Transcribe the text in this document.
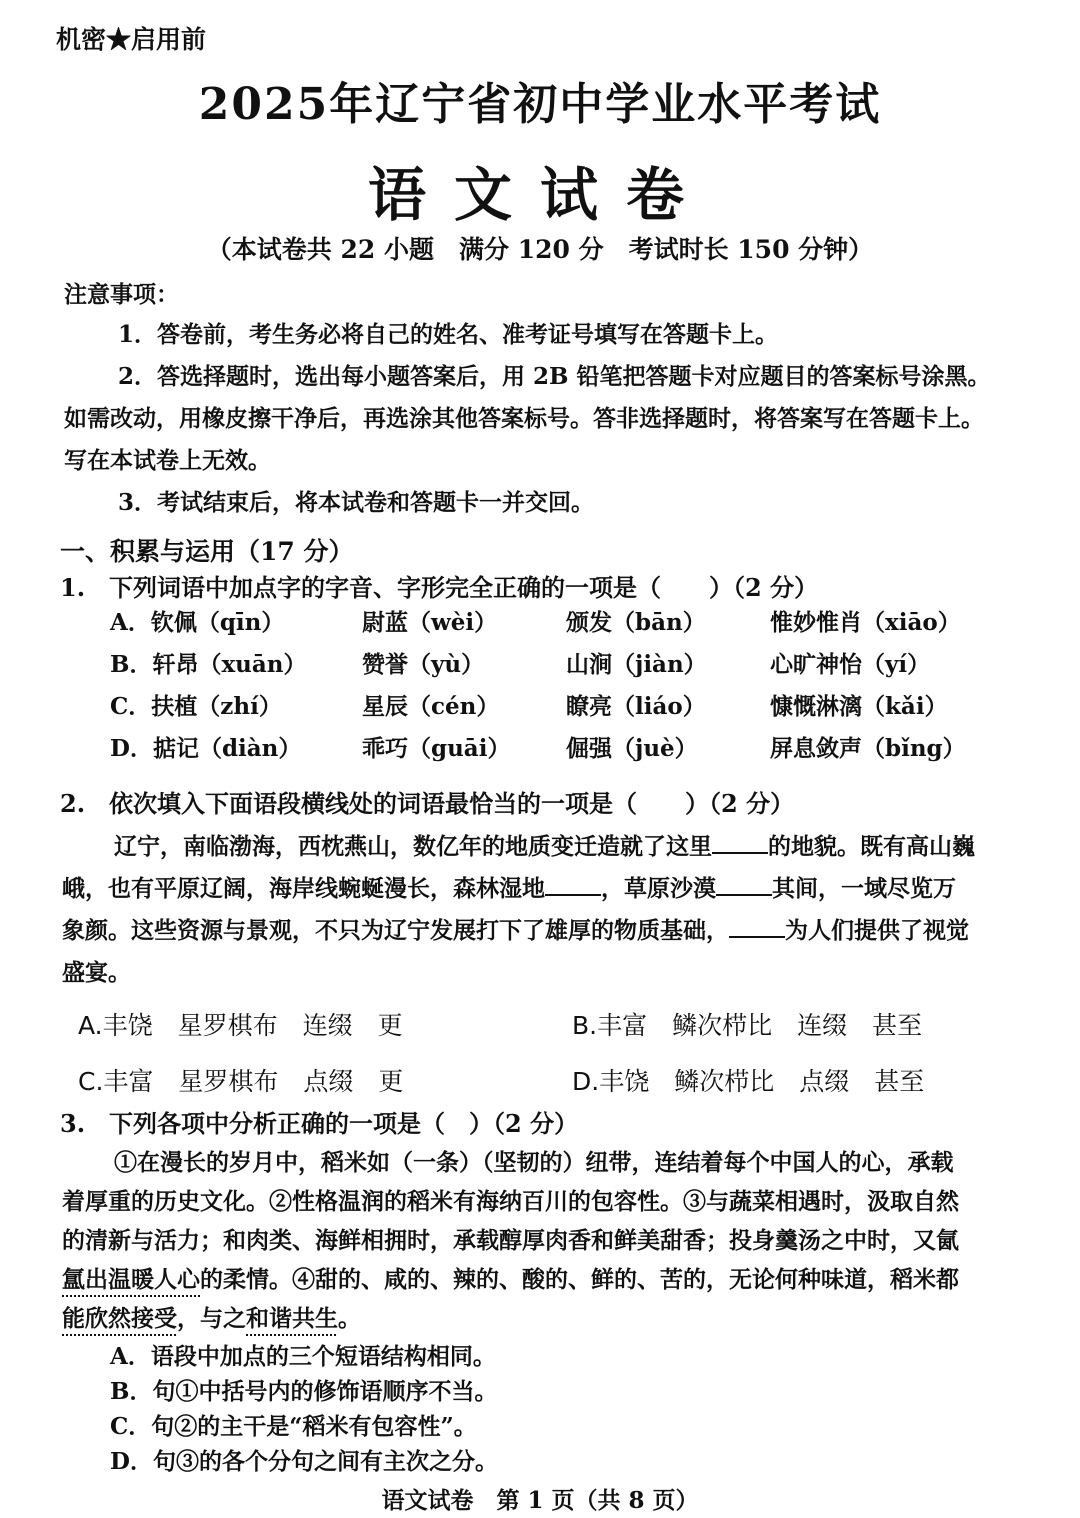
机密★启用前
2025年辽宁省初中学业水平考试
语文试卷
（本试卷共 22 小题　满分 120 分　考试时长 150 分钟）
注意事项：
1．答卷前，考生务必将自己的姓名、准考证号填写在答题卡上。
2．答选择题时，选出每小题答案后，用 2B 铅笔把答题卡对应题目的答案标号涂黑。
如需改动，用橡皮擦干净后，再选涂其他答案标号。答非选择题时，将答案写在答题卡上。
写在本试卷上无效。
3．考试结束后，将本试卷和答题卡一并交回。
一、积累与运用（17 分）
1.　下列词语中加点字的字音、字形完全正确的一项是（　　）（2 分）
A．钦佩（qīn）	尉蓝（wèi）	颁发（bān）	惟妙惟肖（xiāo）
B．轩昂（xuān） 赞誉（yù）	山涧（jiàn）	心旷神怡（yí）
C．扶植（zhí）	星辰（cén）	瞭亮（liáo）	慷慨淋漓（kǎi）
D．掂记（diàn）	乖巧（guāi） 倔强（juè）	屏息敛声（bǐng）
2.　依次填入下面语段横线处的词语最恰当的一项是（　　）（2 分）
辽宁，南临渤海，西枕燕山，数亿年的地质变迁造就了这里 的地貌。既有高山巍
峨，也有平原辽阔，海岸线蜿蜒漫长，森林湿地 ，草原沙漠 其间，一域尽览万
象颜。这些资源与景观，不只为辽宁发展打下了雄厚的物质基础， 为人们提供了视觉
盛宴。
A.丰饶　星罗棋布　连缀　更	B.丰富　鳞次栉比　连缀　甚至
C.丰富　星罗棋布　点缀　更	D.丰饶　鳞次栉比　点缀　甚至
3.　下列各项中分析正确的一项是（　）（2 分）
①在漫长的岁月中，稻米如（一条）（坚韧的）纽带，连结着每个中国人的心，承载
着厚重的历史文化。②性格温润的稻米有海纳百川的包容性。③与蔬菜相遇时，汲取自然
的清新与活力；和肉类、海鲜相拥时，承载醇厚肉香和鲜美甜香；投身羹汤之中时，又氤
氲出温暖人心的柔情。④甜的、咸的、辣的、酸的、鲜的、苦的，无论何种味道，稻米都
能欣然接受，与之和谐共生。
A．语段中加点的三个短语结构相同。
B．句①中括号内的修饰语顺序不当。
C．句②的主干是“稻米有包容性”。
D．句③的各个分句之间有主次之分。
语文试卷　第 1 页（共 8 页）
